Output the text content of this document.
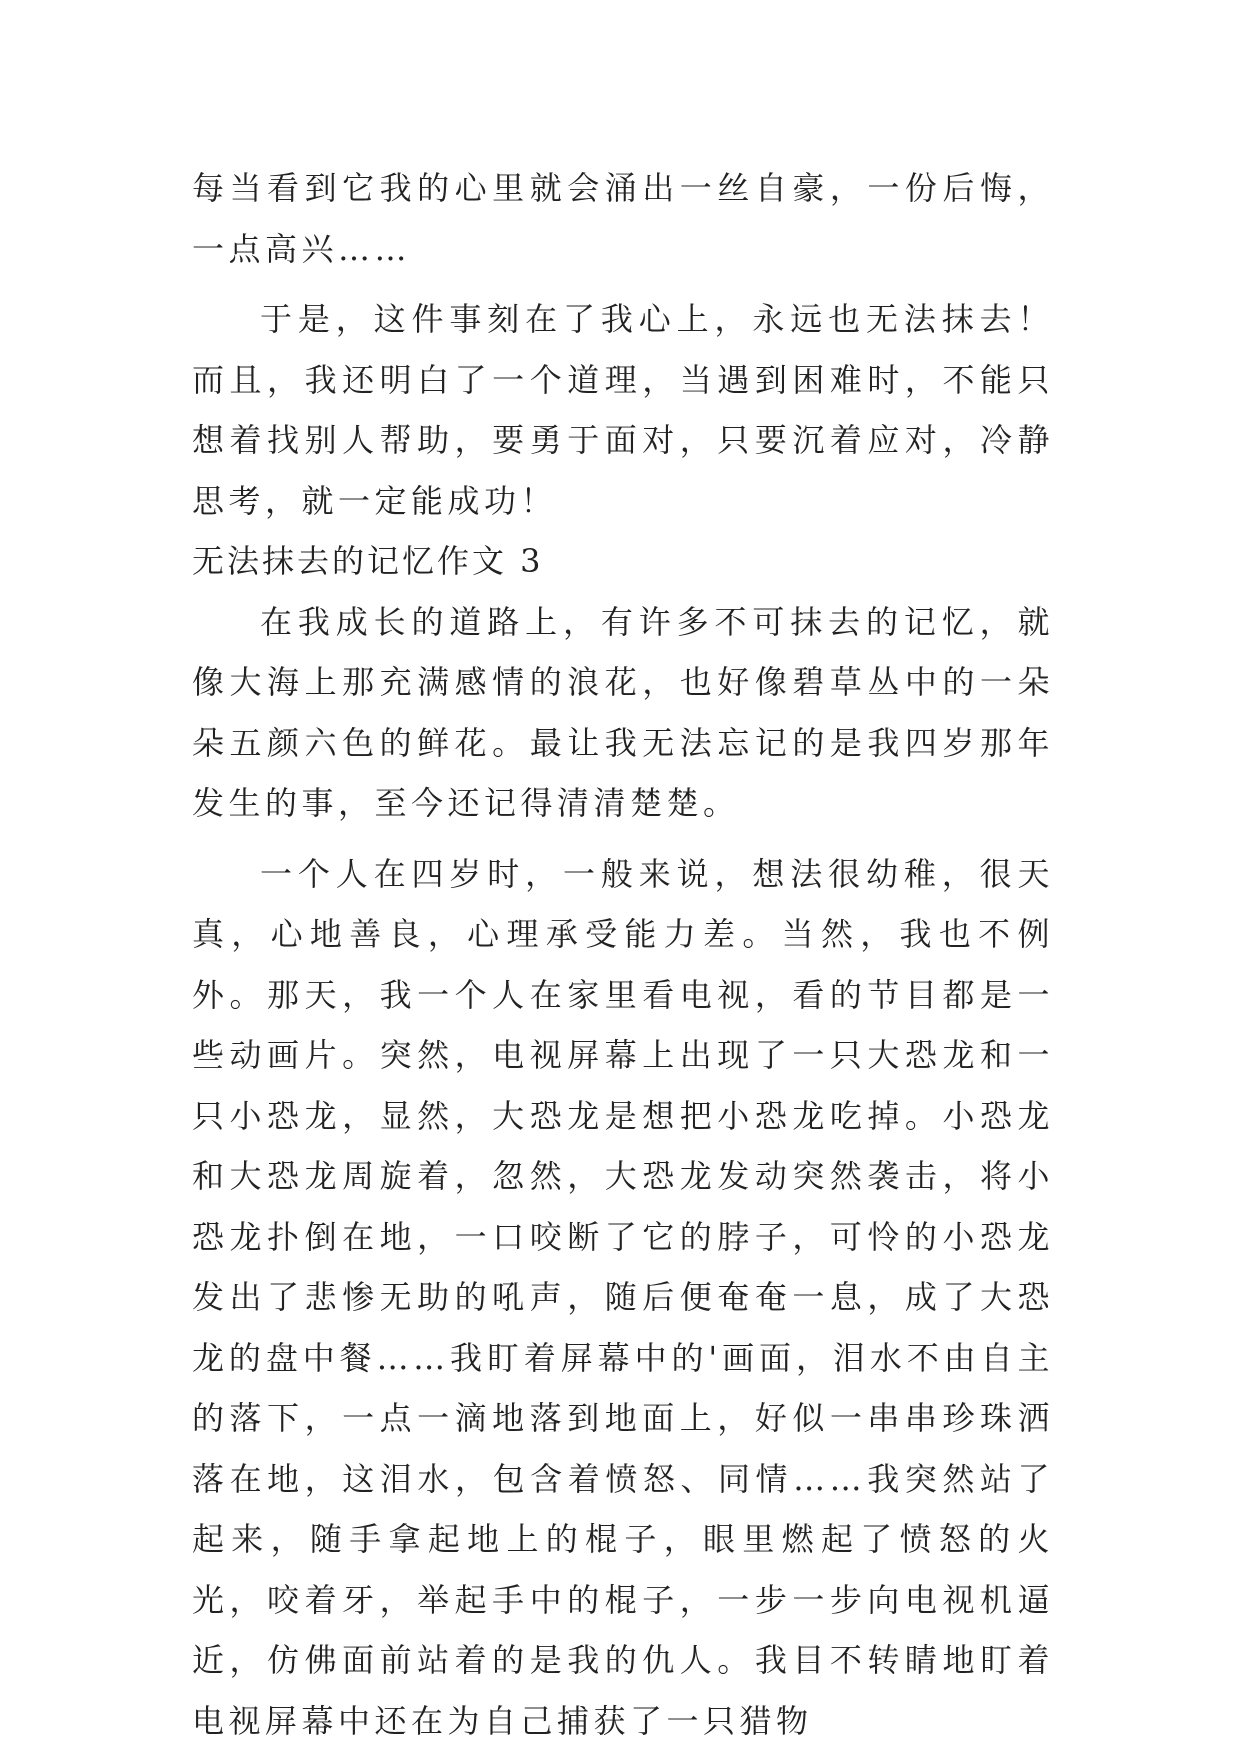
每当看到它我的心里就会涌出一丝自豪，一份后悔，一点高兴……

于是，这件事刻在了我心上，永远也无法抹去！而且，我还明白了一个道理，当遇到困难时，不能只想着找别人帮助，要勇于面对，只要沉着应对，冷静思考，就一定能成功！

无法抹去的记忆作文 3

在我成长的道路上，有许多不可抹去的记忆，就像大海上那充满感情的浪花，也好像碧草丛中的一朵朵五颜六色的鲜花。最让我无法忘记的是我四岁那年发生的事，至今还记得清清楚楚。

一个人在四岁时，一般来说，想法很幼稚，很天真，心地善良，心理承受能力差。当然，我也不例外。那天，我一个人在家里看电视，看的节目都是一些动画片。突然，电视屏幕上出现了一只大恐龙和一只小恐龙，显然，大恐龙是想把小恐龙吃掉。小恐龙和大恐龙周旋着，忽然，大恐龙发动突然袭击，将小恐龙扑倒在地，一口咬断了它的脖子，可怜的小恐龙发出了悲惨无助的吼声，随后便奄奄一息，成了大恐龙的盘中餐……我盯着屏幕中的'画面，泪水不由自主的落下，一点一滴地落到地面上，好似一串串珍珠洒落在地，这泪水，包含着愤怒、同情……我突然站了起来，随手拿起地上的棍子，眼里燃起了愤怒的火光，咬着牙，举起手中的棍子，一步一步向电视机逼近，仿佛面前站着的是我的仇人。我目不转睛地盯着电视屏幕中还在为自己捕获了一只猎物
